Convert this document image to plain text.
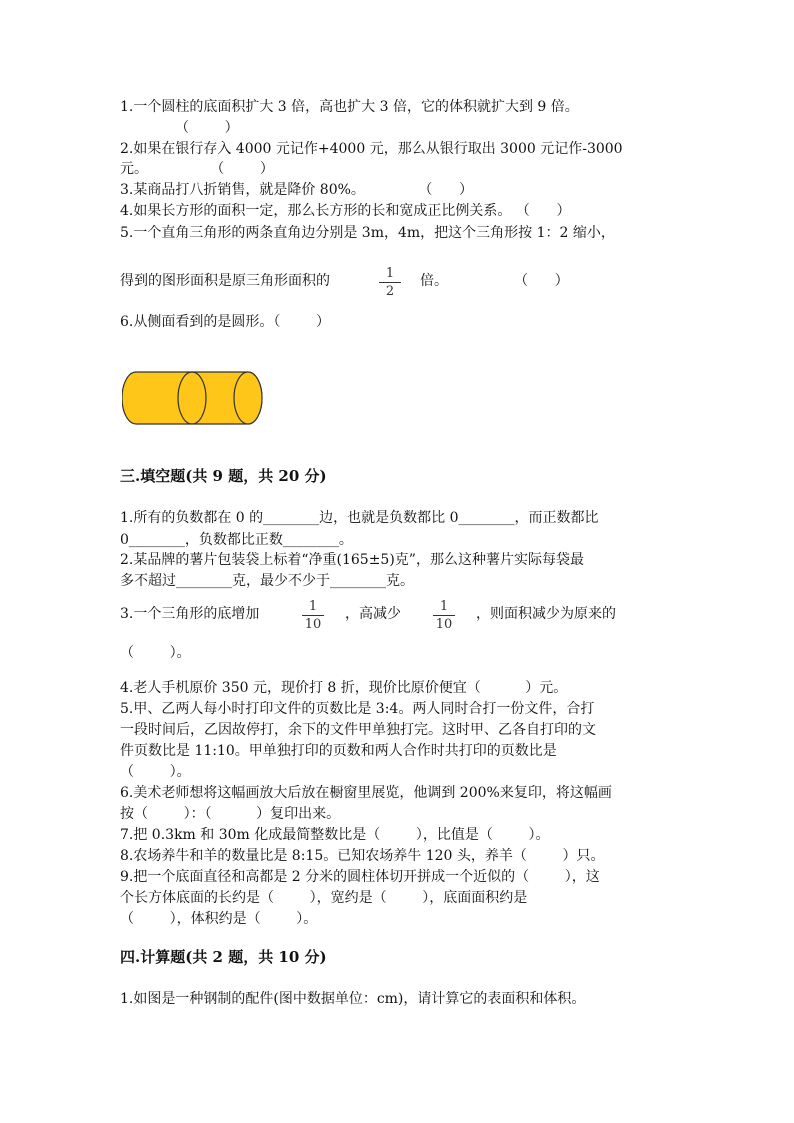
1.一个圆柱的底面积扩大 3 倍，高也扩大 3 倍，它的体积就扩大到 9 倍。
（        ）
2.如果在银行存入 4000 元记作+4000 元，那么从银行取出 3000 元记作-3000
元。              （        ）
3.某商品打八折销售，就是降价 80%。            （      ）
4.如果长方形的面积一定，那么长方形的长和宽成正比例关系。 （      ）
5.一个直角三角形的两条直角边分别是 3m，4m，把这个三角形按 1：2 缩小，
得到的图形面积是原三角形面积的	$\frac{1}{2}$ 倍。	（      ）
6.从侧面看到的是圆形。（        ）
三.填空题(共 9 题，共 20 分)
1.所有的负数都在 0 的________边，也就是负数都比 0________，而正数都比
0________，负数都比正数________。
2.某品牌的薯片包装袋上标着“净重(165±5)克”，那么这种薯片实际每袋最
多不超过________克，最少不少于________克。
3.一个三角形的底增加	$\frac{1}{10}$ ，高减少 $\frac{1}{10}$ ，则面积减少为原来的
（        ）。
4.老人手机原价 350 元，现价打 8 折，现价比原价便宜（          ）元。
5.甲、乙两人每小时打印文件的页数比是 3:4。两人同时合打一份文件，合打
一段时间后，乙因故停打，余下的文件甲单独打完。这时甲、乙各自打印的文
件页数比是 11:10。甲单独打印的页数和两人合作时共打印的页数比是
（        ）。
6.美术老师想将这幅画放大后放在橱窗里展览，他调到 200%来复印，将这幅画
按（        ）：（          ）复印出来。
7.把 0.3km 和 30m 化成最简整数比是（        ），比值是（        ）。
8.农场养牛和羊的数量比是 8:15。已知农场养牛 120 头，养羊（        ）只。
9.把一个底面直径和高都是 2 分米的圆柱体切开拼成一个近似的（        ），这
个长方体底面的长约是（        ），宽约是（        ），底面面积约是
（        ），体积约是（        ）。
四.计算题(共 2 题，共 10 分)
1.如图是一种钢制的配件(图中数据单位：cm)，请计算它的表面积和体积。
